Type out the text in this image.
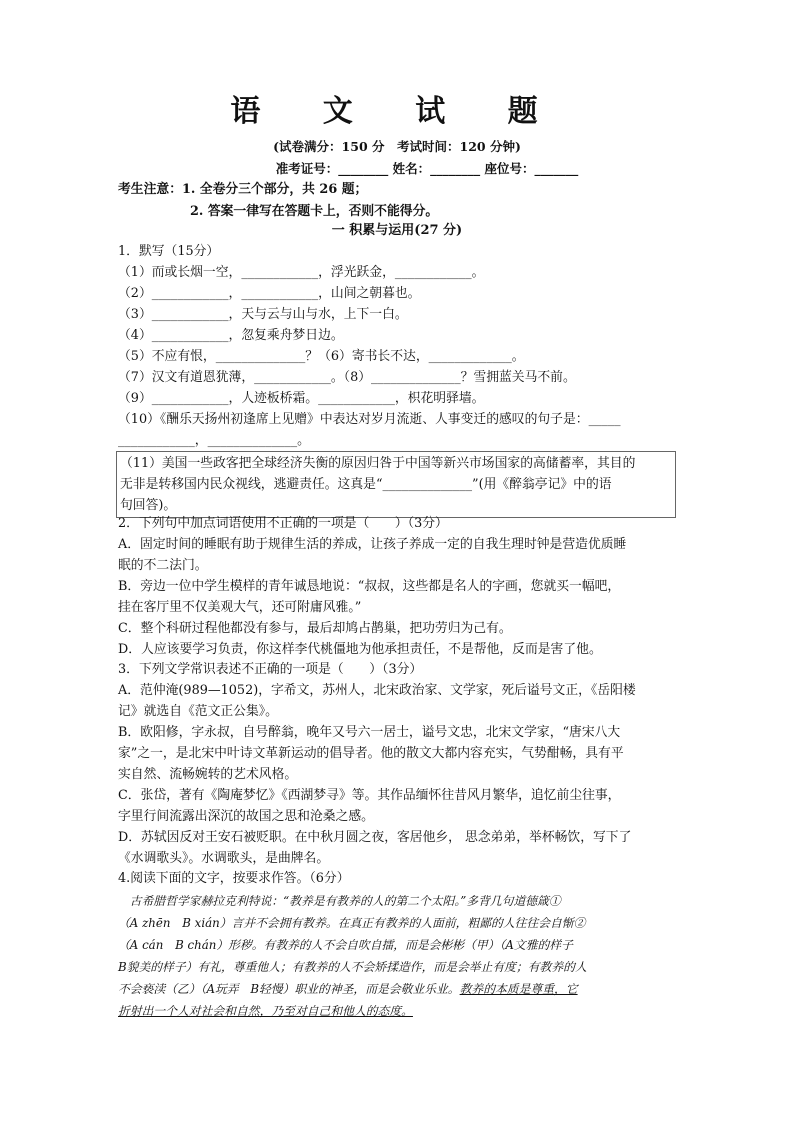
语 文 试 题
(试卷满分：150 分　考试时间：120 分钟)
准考证号：________ 姓名：________ 座位号：_______
考生注意：1. 全卷分三个部分，共 26 题；
2. 答案一律写在答题卡上，否则不能得分。
一 积累与运用(27 分)
1．默写（15分）
（1）而或长烟一空，____________，浮光跃金，____________。
（2）____________，____________，山间之朝暮也。
（3）____________，天与云与山与水，上下一白。
（4）____________，忽复乘舟梦日边。
（5）不应有恨，______________？（6）寄书长不达，_____________。
（7）汉文有道恩犹薄，____________。（8）______________？雪拥蓝关马不前。
（9）____________，人迹板桥霜。____________，枳花明驿墙。
（10）《酬乐天扬州初逢席上见赠》中表达对岁月流逝、人事变迁的感叹的句子是：_____
____________，______________。
（11）美国一些政客把全球经济失衡的原因归咎于中国等新兴市场国家的高储蓄率，其目的
无非是转移国内民众视线，逃避责任。这真是“______________”(用《醉翁亭记》中的语
句回答)。
2．下列句中加点词语使用不正确的一项是（　　）（3分）
A．固定时间的睡眠有助于规律生活的养成，让孩子养成一定的自我生理时钟是营造优质睡
眠的不二法门。
B．旁边一位中学生模样的青年诚恳地说：“叔叔，这些都是名人的字画，您就买一幅吧，
挂在客厅里不仅美观大气，还可附庸风雅。”
C．整个科研过程他都没有参与，最后却鸠占鹊巢，把功劳归为己有。
D．人应该要学习负责，你这样李代桃僵地为他承担责任，不是帮他，反而是害了他。
3．下列文学常识表述不正确的一项是（　　）（3分）
A．范仲淹(989—1052)，字希文，苏州人，北宋政治家、文学家，死后谥号文正，《岳阳楼
记》就选自《范文正公集》。
B．欧阳修，字永叔，自号醉翁，晚年又号六一居士，谥号文忠，北宋文学家，“唐宋八大
家”之一，是北宋中叶诗文革新运动的倡导者。他的散文大都内容充实，气势酣畅，具有平
实自然、流畅婉转的艺术风格。
C．张岱，著有《陶庵梦忆》《西湖梦寻》等。其作品缅怀往昔风月繁华，追忆前尘往事，
字里行间流露出深沉的故国之思和沧桑之感。
D．苏轼因反对王安石被贬职。在中秋月圆之夜，客居他乡， 思念弟弟，举杯畅饮，写下了
《水调歌头》。水调歌头，是曲牌名。
4.阅读下面的文字，按要求作答。（6分）
　古希腊哲学家赫拉克利特说：“教养是有教养的人的第二个太阳。”多背几句道德箴①
（A zhēn　B xián）言并不会拥有教养。在真正有教养的人面前，粗鄙的人往往会自惭②
（A cán　B chán）形秽。有教养的人不会自吹自擂，而是会彬彬（甲）（A文雅的样子
B貌美的样子）有礼，尊重他人；有教养的人不会矫揉造作，而是会举止有度；有教养的人
不会亵渎（乙）（A玩弄　B轻慢）职业的神圣，而是会敬业乐业。教养的本质是尊重，它
折射出一个人对社会和自然，乃至对自己和他人的态度。
